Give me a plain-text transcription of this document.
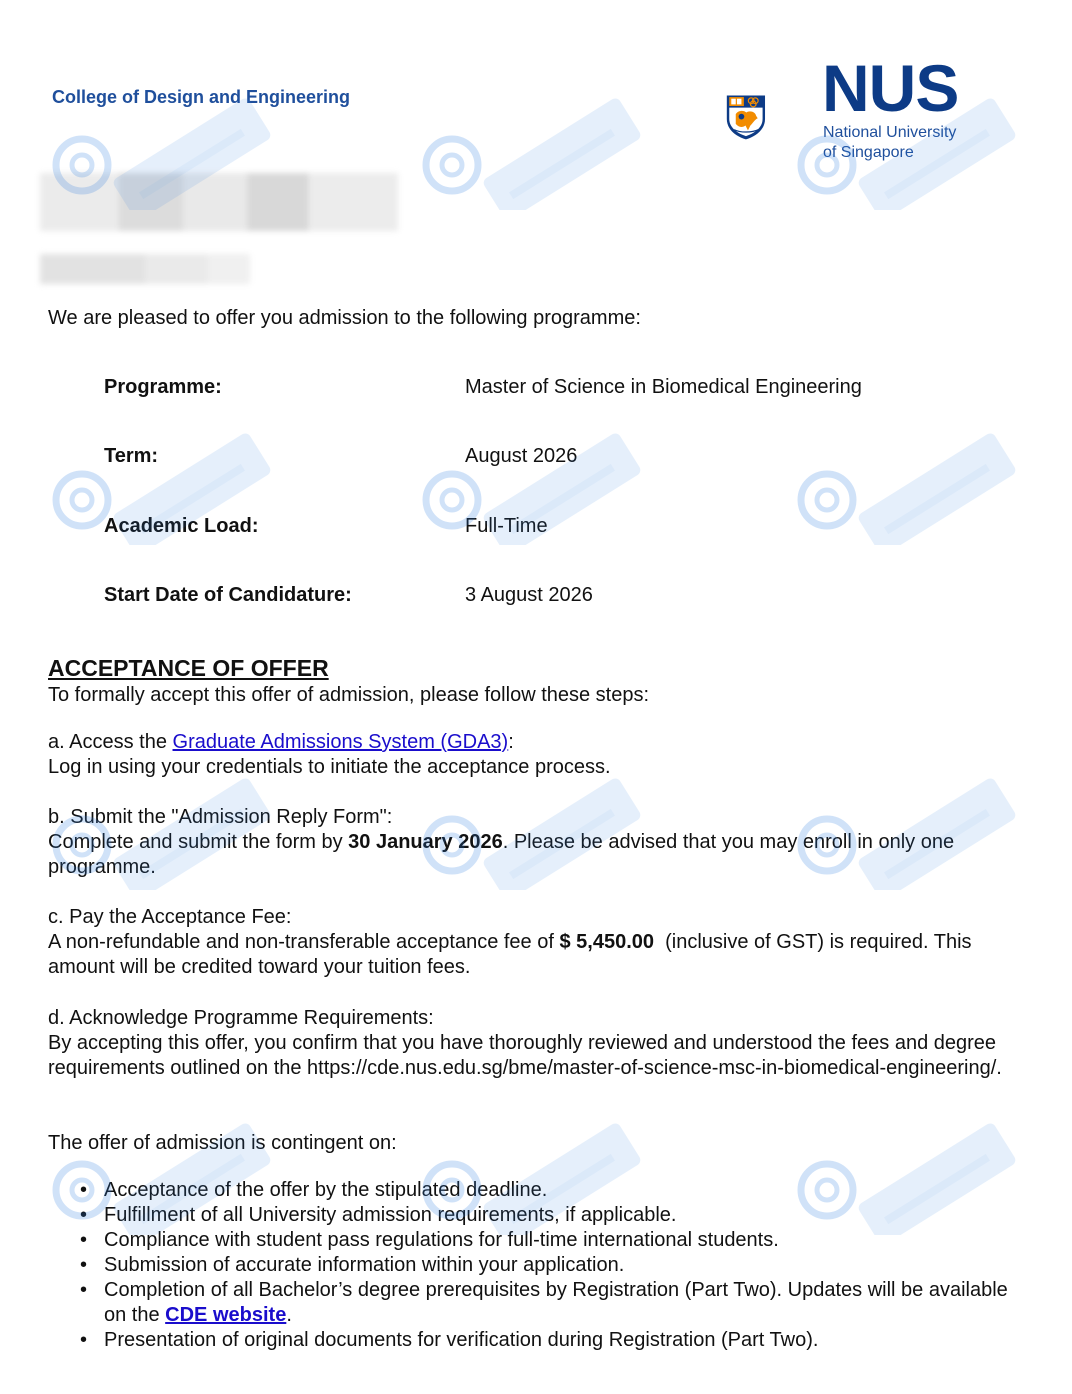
College of Design and Engineering	NUS
National University
of Singapore
We are pleased to offer you admission to the following programme:
Programme:	Master of Science in Biomedical Engineering
Term:	August 2026
Academic Load:	Full-Time
Start Date of Candidature:	3 August 2026
ACCEPTANCE OF OFFER
To formally accept this offer of admission, please follow these steps:
a. Access the Graduate Admissions System (GDA3):
Log in using your credentials to initiate the acceptance process.
b. Submit the "Admission Reply Form":
Complete and submit the form by 30 January 2026. Please be advised that you may enroll in only one programme.
c. Pay the Acceptance Fee:
A non-refundable and non-transferable acceptance fee of $ 5,450.00  (inclusive of GST) is required. This amount will be credited toward your tuition fees.
d. Acknowledge Programme Requirements:
By accepting this offer, you confirm that you have thoroughly reviewed and understood the fees and degree requirements outlined on the https://cde.nus.edu.sg/bme/master-of-science-msc-in-biomedical-engineering/.
The offer of admission is contingent on:
• Acceptance of the offer by the stipulated deadline.
• Fulfillment of all University admission requirements, if applicable.
• Compliance with student pass regulations for full-time international students.
• Submission of accurate information within your application.
• Completion of all Bachelor’s degree prerequisites by Registration (Part Two). Updates will be available on the CDE website.
• Presentation of original documents for verification during Registration (Part Two).
